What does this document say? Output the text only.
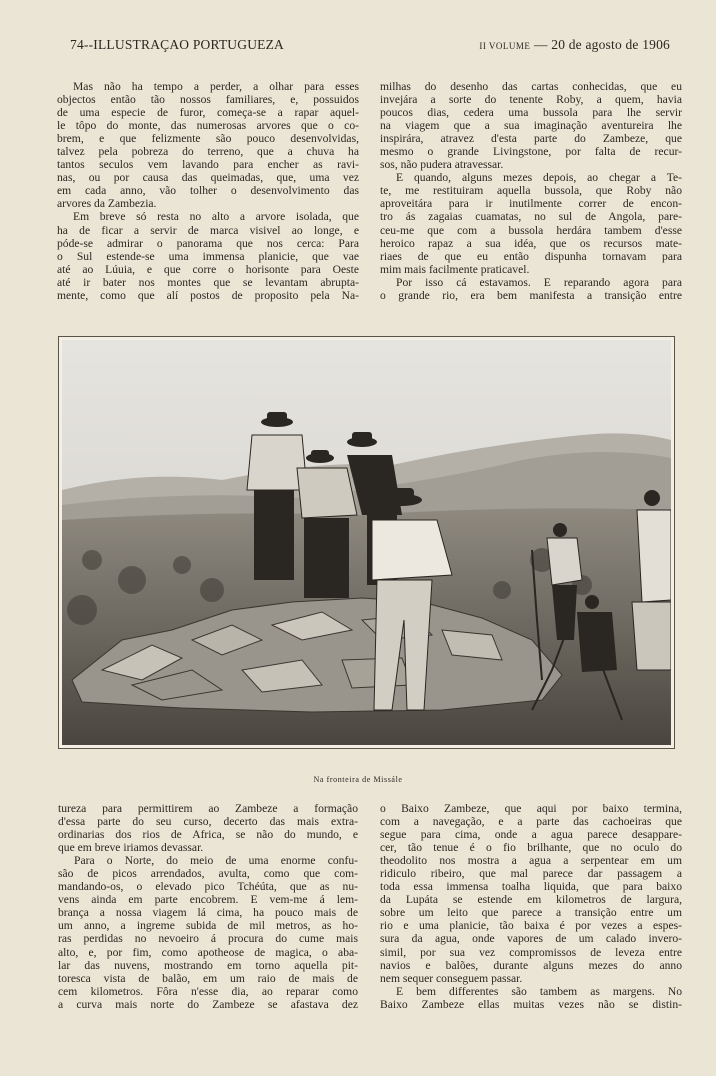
74--ILLUSTRAÇAO PORTUGUEZA	II VOLUME — 20 de agosto de 1906
Mas não ha tempo a perder, a olhar para esses
objectos então tão nossos familiares, e, possuidos
de uma especie de furor, começa-se a rapar aquel-
le tôpo do monte, das numerosas arvores que o co-
brem, e que felizmente são pouco desenvolvidas,
talvez pela pobreza do terreno, que a chuva ha
tantos seculos vem lavando para encher as ravi-
nas, ou por causa das queimadas, que, uma vez
em cada anno, vão tolher o desenvolvimento das
arvores da Zambezia.
Em breve só resta no alto a arvore isolada, que
ha de ficar a servir de marca visivel ao longe, e
póde-se admirar o panorama que nos cerca: Para
o Sul estende-se uma immensa planicie, que vae
até ao Lúuia, e que corre o horisonte para Oeste
até ir bater nos montes que se levantam abrupta-
mente, como que alí postos de proposito pela Na-
milhas do desenho das cartas conhecidas, que eu
invejára a sorte do tenente Roby, a quem, havia
poucos dias, cedera uma bussola para lhe servir
na viagem que a sua imaginação aventureira lhe
inspirára, atravez d'esta parte do Zambeze, que
mesmo o grande Livingstone, por falta de recur-
sos, não pudera atravessar.
E quando, alguns mezes depois, ao chegar a Te-
te, me restituiram aquella bussola, que Roby não
aproveitára para ir inutilmente correr de encon-
tro ás zagaias cuamatas, no sul de Angola, pare-
ceu-me que com a bussola herdára tambem d'esse
heroico rapaz a sua idéa, que os recursos mate-
riaes de que eu então dispunha tornavam para
mim mais facilmente praticavel.
Por isso cá estavamos. E reparando agora para
o grande rio, era bem manifesta a transição entre
Na fronteira de Missále
tureza para permittirem ao Zambeze a formação
d'essa parte do seu curso, decerto das mais extra-
ordinarias dos rios de Africa, se não do mundo, e
que em breve iriamos devassar.
Para o Norte, do meio de uma enorme confu-
são de picos arrendados, avulta, como que com-
mandando-os, o elevado pico Tchéúta, que as nu-
vens ainda em parte encobrem. E vem-me á lem-
brança a nossa viagem lá cima, ha pouco mais de
um anno, a ingreme subida de mil metros, as ho-
ras perdidas no nevoeiro á procura do cume mais
alto, e, por fim, como apotheose de magica, o aba-
lar das nuvens, mostrando em torno aquella pit-
toresca vista de balão, em um raio de mais de
cem kilometros. Fôra n'esse dia, ao reparar como
a curva mais norte do Zambeze se afastava dez
o Baixo Zambeze, que aqui por baixo termina,
com a navegação, e a parte das cachoeiras que
segue para cima, onde a agua parece desappare-
cer, tão tenue é o fio brilhante, que no oculo do
theodolito nos mostra a agua a serpentear em um
ridiculo ribeiro, que mal parece dar passagem a
toda essa immensa toalha liquida, que para baixo
da Lupáta se estende em kilometros de largura,
sobre um leito que parece a transição entre um
rio e uma planicie, tão baixa é por vezes a espes-
sura da agua, onde vapores de um calado invero-
simil, por sua vez compromissos de leveza entre
navios e balões, durante alguns mezes do anno
nem sequer conseguem passar.
E bem differentes são tambem as margens. No
Baixo Zambeze ellas muitas vezes não se distin-
